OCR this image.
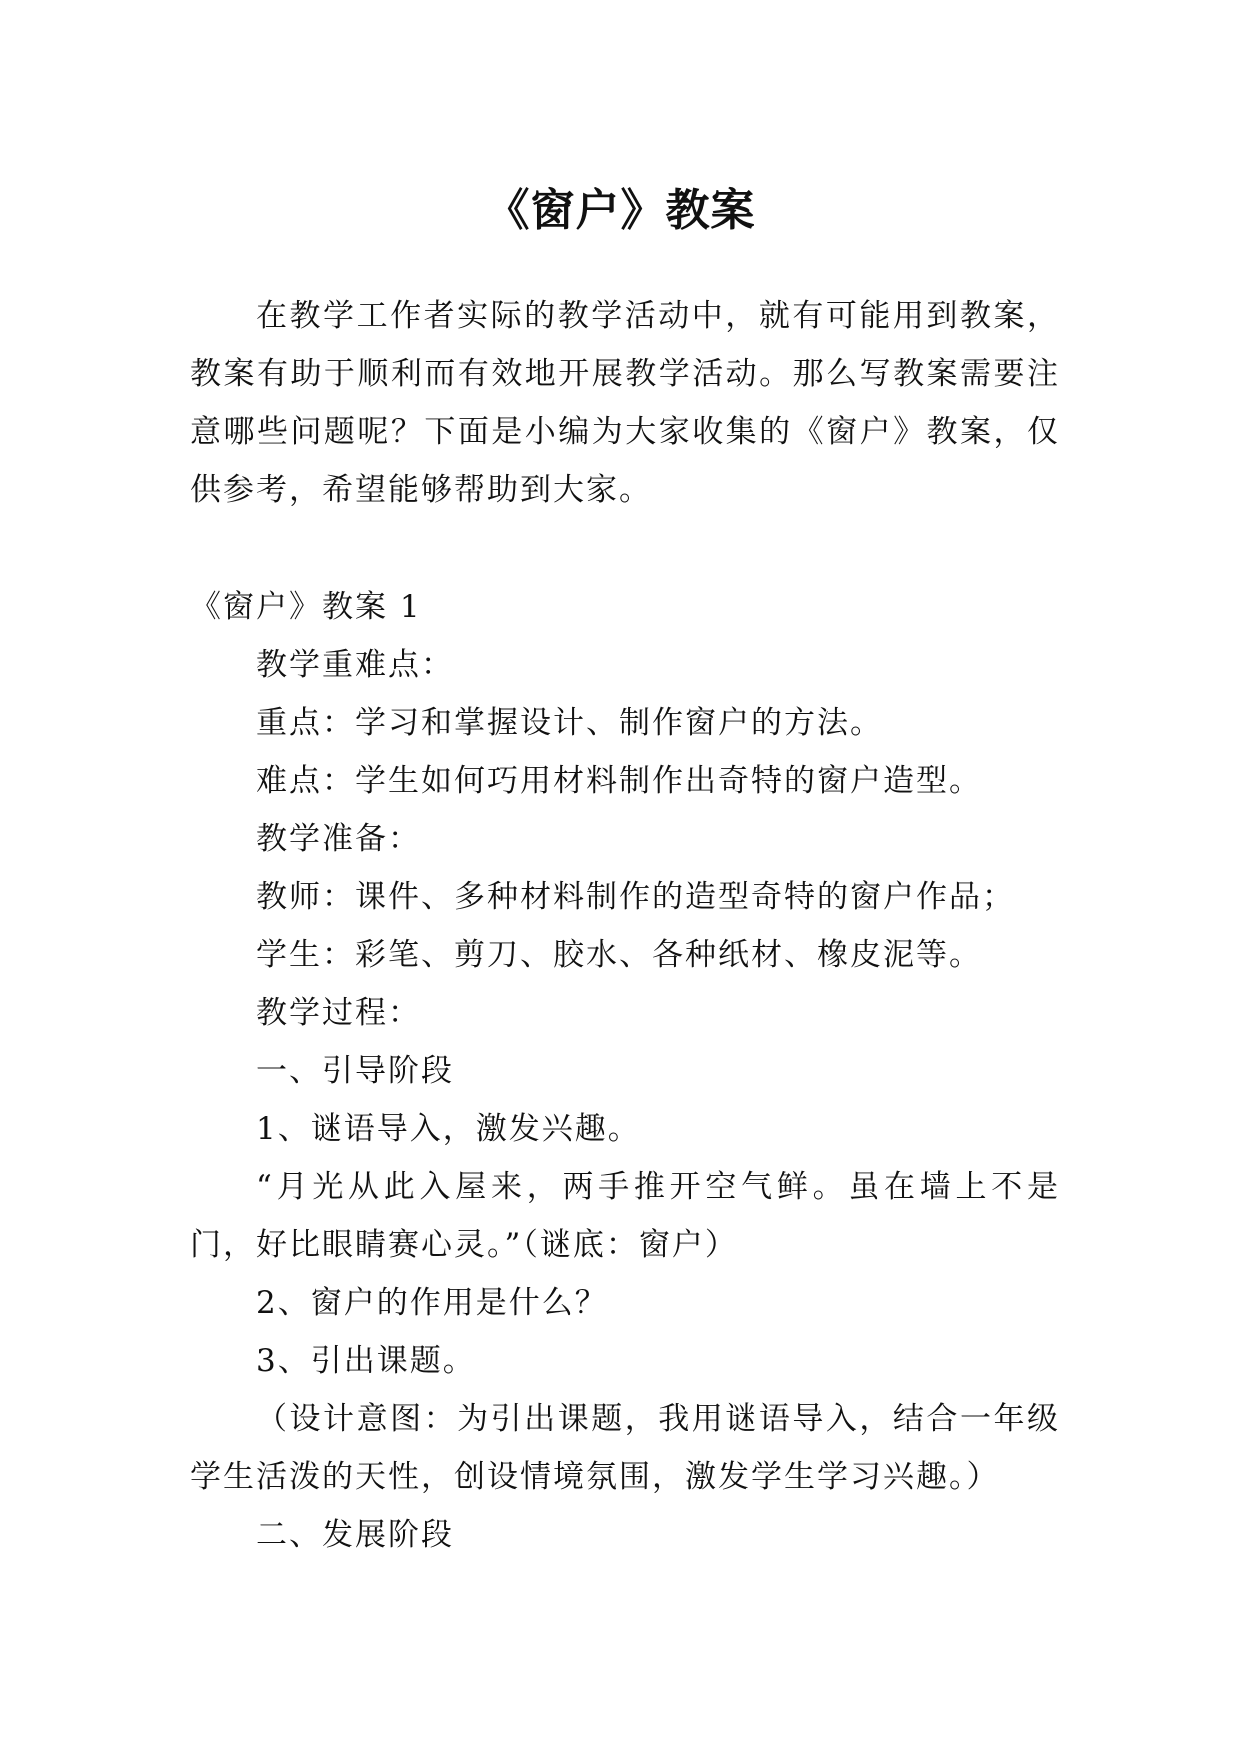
《窗户》教案

在教学工作者实际的教学活动中，就有可能用到教案，教案有助于顺利而有效地开展教学活动。那么写教案需要注意哪些问题呢？下面是小编为大家收集的《窗户》教案，仅供参考，希望能够帮助到大家。

《窗户》教案 1

教学重难点：

重点：学习和掌握设计、制作窗户的方法。

难点：学生如何巧用材料制作出奇特的窗户造型。

教学准备：

教师：课件、多种材料制作的造型奇特的窗户作品；

学生：彩笔、剪刀、胶水、各种纸材、橡皮泥等。

教学过程：

一、引导阶段

1、谜语导入，激发兴趣。

“月光从此入屋来，两手推开空气鲜。虽在墙上不是门，好比眼睛赛心灵。”（谜底：窗户）

2、窗户的作用是什么？

3、引出课题。

（设计意图：为引出课题，我用谜语导入，结合一年级学生活泼的天性，创设情境氛围，激发学生学习兴趣。）

二、发展阶段
